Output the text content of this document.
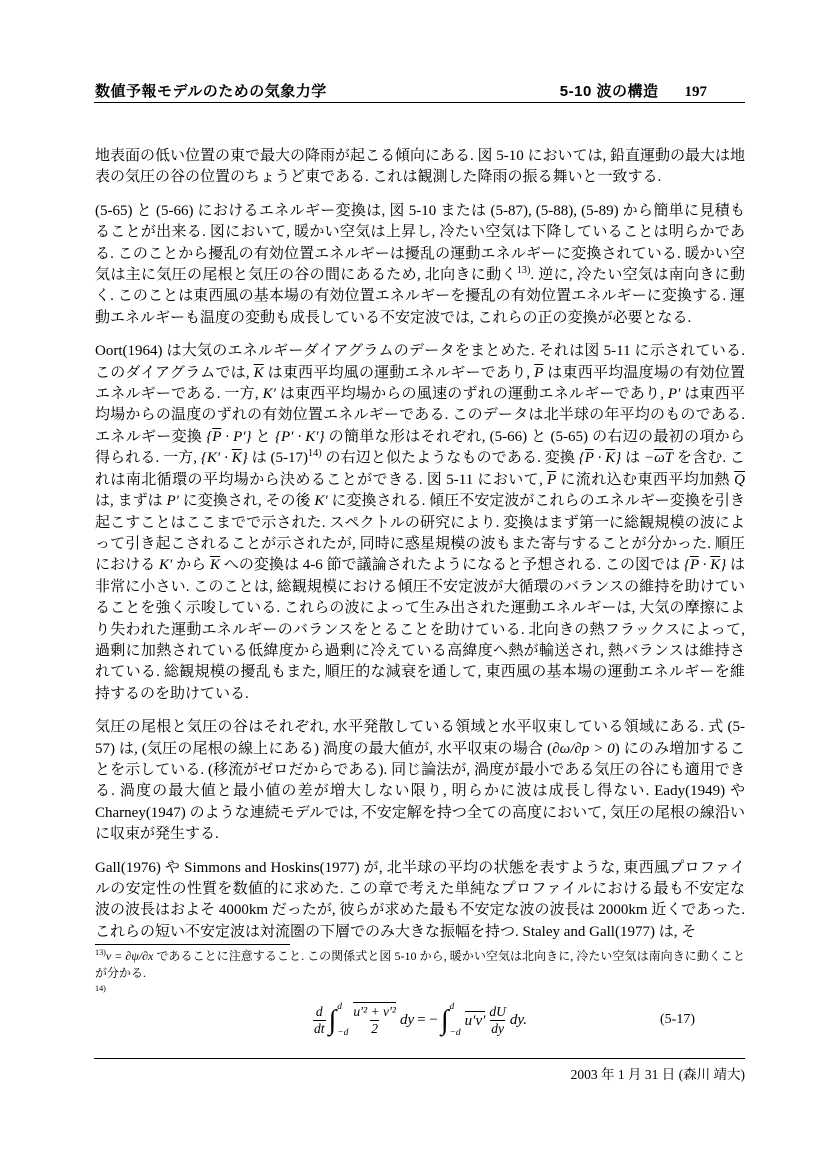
数値予報モデルのための気象力学	5-10 波の構造 197

地表面の低い位置の東で最大の降雨が起こる傾向にある. 図 5-10 においては, 鉛直運動の最大は地表の気圧の谷の位置のちょうど東である. これは観測した降雨の振る舞いと一致する.

(5-65) と (5-66) におけるエネルギー変換は, 図 5-10 または (5-87), (5-88), (5-89) から簡単に見積もることが出来る. 図において, 暖かい空気は上昇し, 冷たい空気は下降していることは明らかである. このことから擾乱の有効位置エネルギーは擾乱の運動エネルギーに変換されている. 暖かい空気は主に気圧の尾根と気圧の谷の間にあるため, 北向きに動く$^{13)}$. 逆に, 冷たい空気は南向きに動く. このことは東西風の基本場の有効位置エネルギーを擾乱の有効位置エネルギーに変換する. 運動エネルギーも温度の変動も成長している不安定波では, これらの正の変換が必要となる.

Oort(1964) は大気のエネルギーダイアグラムのデータをまとめた. それは図 5-11 に示されている. このダイアグラムでは, $\overline{K}$ は東西平均風の運動エネルギーであり, $\overline{P}$ は東西平均温度場の有効位置エネルギーである. 一方, K′ は東西平均場からの風速のずれの運動エネルギーであり, P′ は東西平均場からの温度のずれの有効位置エネルギーである. このデータは北半球の年平均のものである. エネルギー変換 $\{\overline{P} \cdot P'\}$ と {P′ · K′} の簡単な形はそれぞれ, (5-66) と (5-65) の右辺の最初の項から得られる. 一方, $\{K' \cdot \overline{K}\}$ は $(5-17)^{14)}$ の右辺と似たようなものである. 変換 $\{\overline{P} \cdot \overline{K}\}$ は $-\overline{\omega}\overline{T}$ を含む. これは南北循環の平均場から決めることができる. 図 5-11 において, $\overline{P}$ に流れ込む東西平均加熱 $\overline{Q}$ は, まずは P′ に変換され, その後 K′ に変換される. 傾圧不安定波がこれらのエネルギー変換を引き起こすことはここまでで示された. スペクトルの研究により. 変換はまず第一に総観規模の波によって引き起こされることが示されたが, 同時に惑星規模の波もまた寄与することが分かった. 順圧における K′ から $\overline{K}$ への変換は 4-6 節で議論されたようになると予想される. この図では $\{\overline{P} \cdot \overline{K}\}$ は非常に小さい. このことは, 総観規模における傾圧不安定波が大循環のバランスの維持を助けていることを強く示唆している. これらの波によって生み出された運動エネルギーは, 大気の摩擦により失われた運動エネルギーのバランスをとることを助けている. 北向きの熱フラックスによって, 過剰に加熱されている低緯度から過剰に冷えている高緯度へ熱が輸送され, 熱バランスは維持されている. 総観規模の擾乱もまた, 順圧的な減衰を通して, 東西風の基本場の運動エネルギーを維持するのを助けている.

気圧の尾根と気圧の谷はそれぞれ, 水平発散している領域と水平収束している領域にある. 式 (5-57) は, (気圧の尾根の線上にある) 渦度の最大値が, 水平収束の場合 (∂ω/∂p > 0) にのみ増加することを示している. (移流がゼロだからである). 同じ論法が, 渦度が最小である気圧の谷にも適用できる. 渦度の最大値と最小値の差が増大しない限り, 明らかに波は成長し得ない. Eady(1949) や Charney(1947) のような連続モデルでは, 不安定解を持つ全ての高度において, 気圧の尾根の線沿いに収束が発生する.

Gall(1976) や Simmons and Hoskins(1977) が, 北半球の平均の状態を表すような, 東西風プロファイルの安定性の性質を数値的に求めた. この章で考えた単純なプロファイルにおける最も不安定な波の波長はおよそ 4000km だったが, 彼らが求めた最も不安定な波の波長は 2000km 近くであった. これらの短い不安定波は対流圏の下層でのみ大きな振幅を持つ. Staley and Gall(1977) は, そ

$^{13)}$v = ∂ψ/∂x であることに注意すること. この関係式と図 5-10 から, 暖かい空気は北向きに, 冷たい空気は南向きに動くことが分かる.
$^{14)}$
$\frac{d}{dt}$ ∫ d
$-d \frac{\text{u′² + v′²}}{2}$ dy = − ∫ d
−d
$u'v' \frac{dU}{dy}$ dy.	(5-17)
2003 年 1 月 31 日 (森川 靖大)
